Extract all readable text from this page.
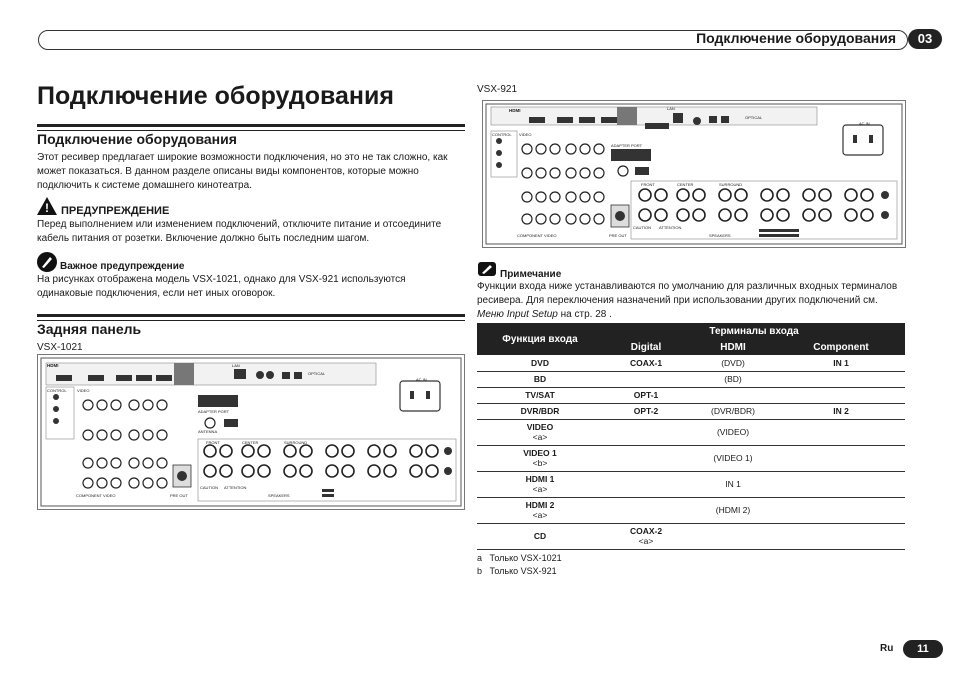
Подключение оборудования	03
Подключение оборудования
Подключение оборудования
Этот ресивер предлагает широкие возможности подключения, но это не так сложно, как может показаться. В данном разделе описаны виды компонентов, которые можно подключить к системе домашнего кинотеатра.
! ПРЕДУПРЕЖДЕНИЕ
Перед выполнением или изменением подключений, отключите питание и отсоедините кабель питания от розетки. Включение должно быть последним шагом.
Важное предупреждение
На рисунках отображена модель VSX-1021, однако для VSX-921 используются одинаковые подключения, если нет иных оговорок.
Задняя панель
VSX-1021
VSX-921
HDMI
CONTROL	VIDEO
COMPONENT VIDEO	PRE OUT	SPEAKERS
AC IN
ADAPTER PORT
ANTENNA
LAN
OPTICAL
CAUTION ATTENTION
FRONT	CENTER	SURROUND
HDMI
CONTROL VIDEO
COMPONENT VIDEO	PRE OUT	SPEAKERS
AC IN
ADAPTER PORT
LAN
OPTICAL
CAUTION ATTENTION
FRONT	CENTER	SURROUND
Примечание
Функции входа ниже устанавливаются по умолчанию для различных входных терминалов ресивера. Для переключения назначений при использовании других подключений см. Меню Input Setup на стр. 28 .
Функция входа	Терминалы входа		
	Digital	HDMI	Component

DVD	COAX-1	(DVD)	IN 1

BD		(BD)	

TV/SAT	OPT-1		

DVR/BDR	OPT-2	(DVR/BDR)	IN 2

VIDEO
<a>		(VIDEO)	

VIDEO 1
<b>		(VIDEO 1)	

HDMI 1
<a>		IN 1	

HDMI 2
<a>		(HDMI 2)	

CD	COAX-2
<a>		

a Только VSX-1021
b Только VSX-921
Ru	11
